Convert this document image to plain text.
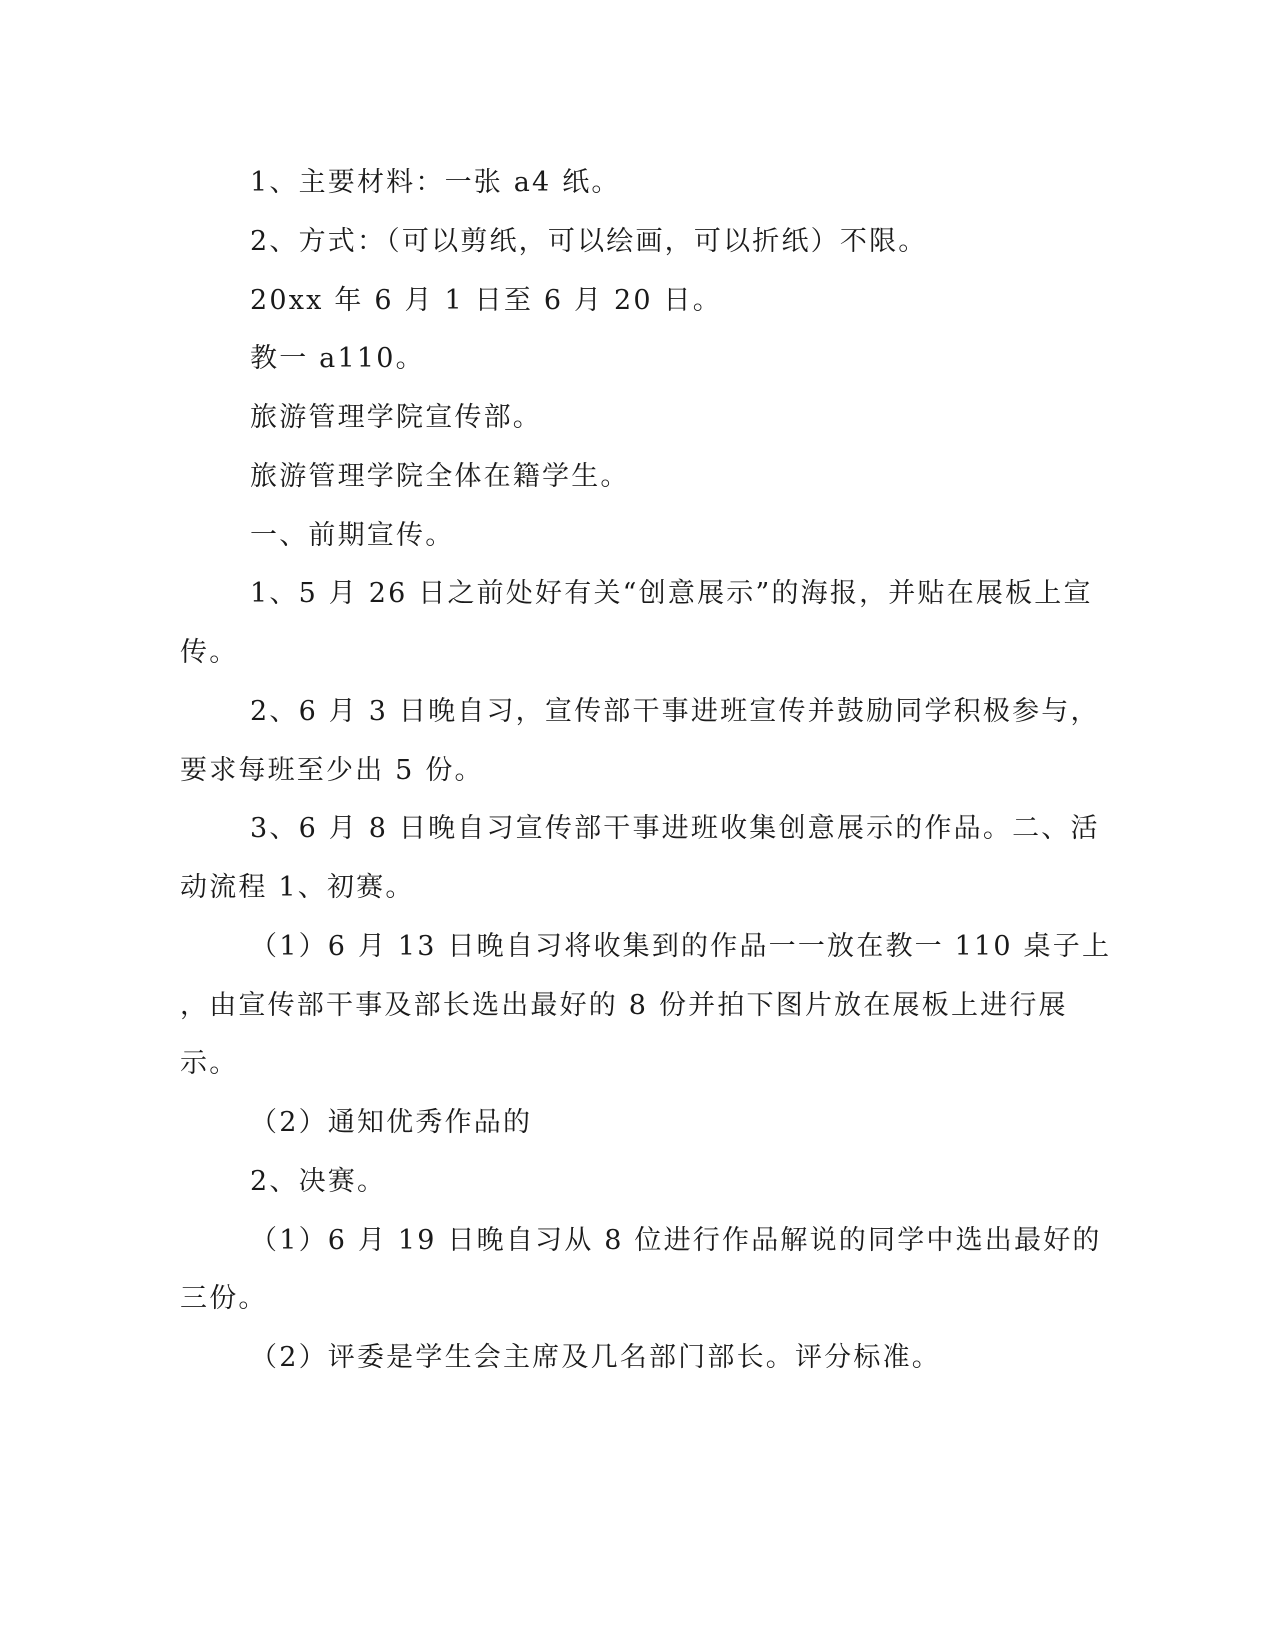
1、主要材料：一张 a4 纸。
2、方式：（可以剪纸，可以绘画，可以折纸）不限。
20xx 年 6 月 1 日至 6 月 20 日。
教一 a110。
旅游管理学院宣传部。
旅游管理学院全体在籍学生。
一、前期宣传。
1、5 月 26 日之前处好有关“创意展示”的海报，并贴在展板上宣
传。
2、6 月 3 日晚自习，宣传部干事进班宣传并鼓励同学积极参与，
要求每班至少出 5 份。
3、6 月 8 日晚自习宣传部干事进班收集创意展示的作品。二、活
动流程 1、初赛。
（1）6 月 13 日晚自习将收集到的作品一一放在教一 110 桌子上
，由宣传部干事及部长选出最好的 8 份并拍下图片放在展板上进行展
示。
（2）通知优秀作品的
2、决赛。
（1）6 月 19 日晚自习从 8 位进行作品解说的同学中选出最好的
三份。
（2）评委是学生会主席及几名部门部长。评分标准。
